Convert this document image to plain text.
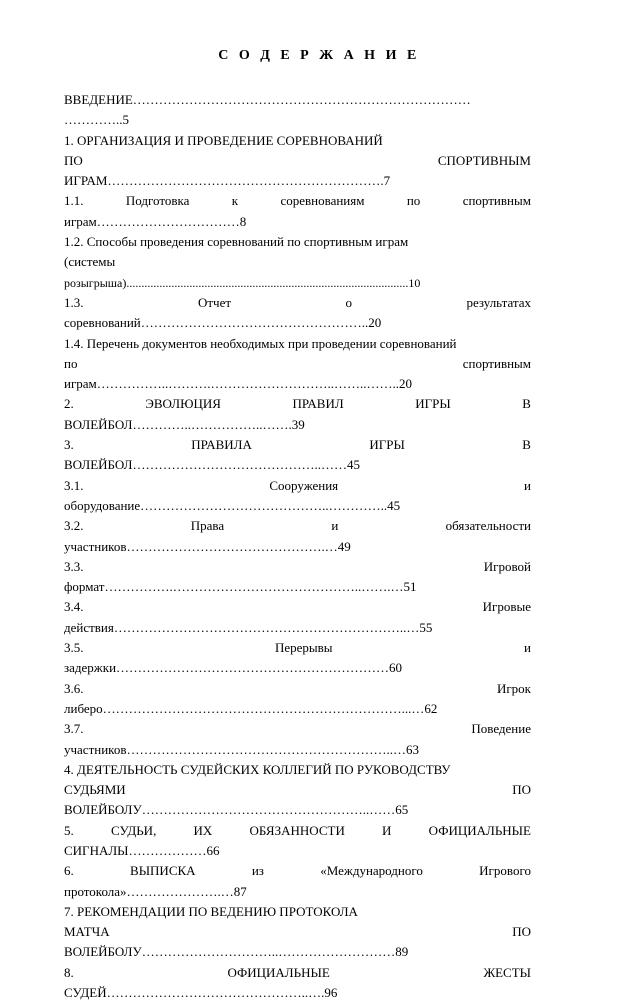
С О Д Е Р Ж А Н И Е
ВВЕДЕНИЕ……………………………………………………………………
…………..5
1. ОРГАНИЗАЦИЯ И ПРОВЕДЕНИЕ СОРЕВНОВАНИЙ
ПО	СПОРТИВНЫМ
ИГРАМ……………………………………………………….7
1.1.	Подготовка	к	соревнованиям	по	спортивным
играм……………………………8
1.2. Способы проведения соревнований по спортивным играм
(системы
розыгрыша)..............................................................................................10
1.3.	Отчет	о	результатах
соревнований……………………………………………..20
1.4. Перечень документов необходимых при проведении соревнований
по	спортивным
играм……………..……….………………………..……..……..20
2.	ЭВОЛЮЦИЯ	ПРАВИЛ	ИГРЫ	В
ВОЛЕЙБОЛ…………..……………..…….39
3.	ПРАВИЛА	ИГРЫ	В
ВОЛЕЙБОЛ……………………………………..……45
3.1.	Сооружения	и
оборудование……………………………………..…………..45
3.2.	Права	и	обязательности
участников……………………………………….…49
3.3.	Игровой
формат…………….……………………………………..…….…51
3.4.	Игровые
действия…………………………………………………………..…55
3.5.	Перерывы	и
задержки………………………………………………………60
3.6.	Игрок
либеро……………………………………………………………...…62
3.7.	Поведение
участников……………………………………………………..…63
4. ДЕЯТЕЛЬНОСТЬ СУДЕЙСКИХ КОЛЛЕГИЙ ПО РУКОВОДСТВУ
СУДЬЯМИ	ПО
ВОЛЕЙБОЛУ……………………………………………..……65
5.	СУДЬИ,	ИХ	ОБЯЗАННОСТИ	И	ОФИЦИАЛЬНЫЕ
СИГНАЛЫ………………66
6.	ВЫПИСКА	из	«Международного	Игрового
протокола»………………….…87
7. РЕКОМЕНДАЦИИ ПО ВЕДЕНИЮ ПРОТОКОЛА
МАТЧА	ПО
ВОЛЕЙБОЛУ…………………………..………………………89
8.	ОФИЦИАЛЬНЫЕ	ЖЕСТЫ
СУДЕЙ………………………………………..….96
